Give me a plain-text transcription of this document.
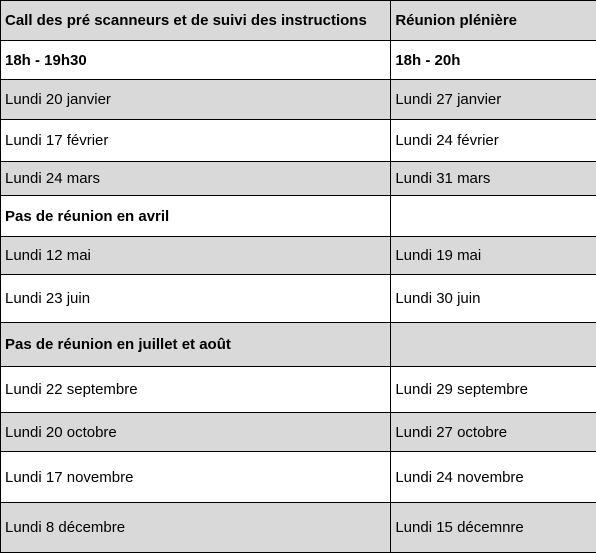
Call des pré scanneurs et de suivi des instructions	Réunion plénière
18h - 19h30	18h - 20h
Lundi 20 janvier	Lundi 27 janvier
Lundi 17 février	Lundi 24 février
Lundi 24 mars	Lundi 31 mars
Pas de réunion en avril
Lundi 12 mai	Lundi 19 mai
Lundi 23 juin	Lundi 30 juin
Pas de réunion en juillet et août
Lundi 22 septembre	Lundi 29 septembre
Lundi 20 octobre	Lundi 27 octobre
Lundi 17 novembre	Lundi 24 novembre
Lundi 8 décembre	Lundi 15 décemnre
